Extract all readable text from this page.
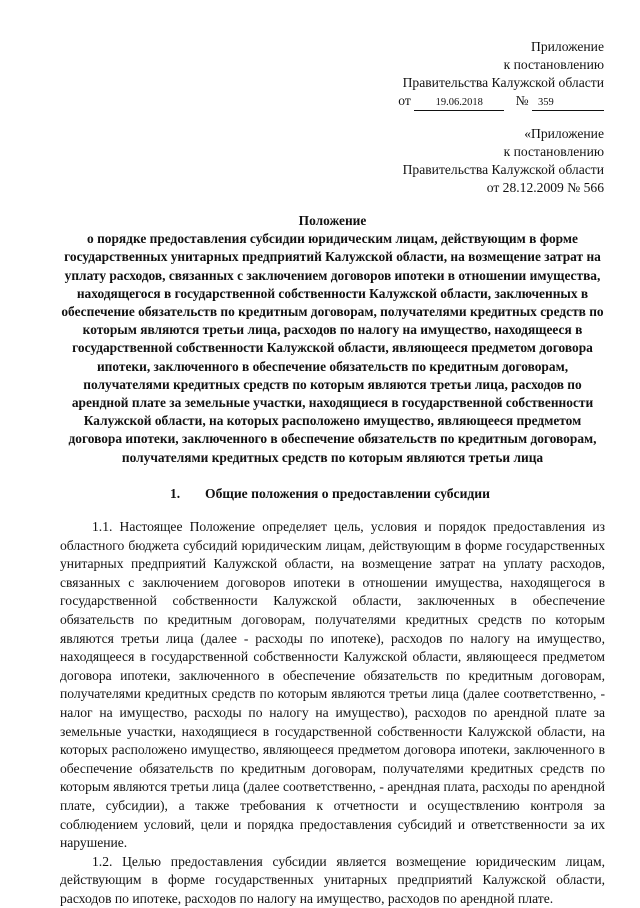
Приложение
к постановлению
Правительства Калужской области
от 19.06.2018 № 359
«Приложение
к постановлению
Правительства Калужской области
от 28.12.2009 № 566
Положение
о порядке предоставления субсидии юридическим лицам, действующим в форме государственных унитарных предприятий Калужской области, на возмещение затрат на уплату расходов, связанных с заключением договоров ипотеки в отношении имущества, находящегося в государственной собственности Калужской области, заключенных в обеспечение обязательств по кредитным договорам, получателями кредитных средств по которым являются третьи лица, расходов по налогу на имущество, находящееся в государственной собственности Калужской области, являющееся предметом договора ипотеки, заключенного в обеспечение обязательств по кредитным договорам, получателями кредитных средств по которым являются третьи лица, расходов по арендной плате за земельные участки, находящиеся в государственной собственности Калужской области, на которых расположено имущество, являющееся предметом договора ипотеки, заключенного в обеспечение обязательств по кредитным договорам, получателями кредитных средств по которым являются третьи лица
1. Общие положения о предоставлении субсидии

1.1. Настоящее Положение определяет цель, условия и порядок предоставления из областного бюджета субсидий юридическим лицам, действующим в форме государственных унитарных предприятий Калужской области, на возмещение затрат на уплату расходов, связанных с заключением договоров ипотеки в отношении имущества, находящегося в государственной собственности Калужской области, заключенных в обеспечение обязательств по кредитным договорам, получателями кредитных средств по которым являются третьи лица (далее - расходы по ипотеке), расходов по налогу на имущество, находящееся в государственной собственности Калужской области, являющееся предметом договора ипотеки, заключенного в обеспечение обязательств по кредитным договорам, получателями кредитных средств по которым являются третьи лица (далее соответственно, - налог на имущество, расходы по налогу на имущество), расходов по арендной плате за земельные участки, находящиеся в государственной собственности Калужской области, на которых расположено имущество, являющееся предметом договора ипотеки, заключенного в обеспечение обязательств по кредитным договорам, получателями кредитных средств по которым являются третьи лица (далее соответственно, - арендная плата, расходы по арендной плате, субсидии), а также требования к отчетности и осуществлению контроля за соблюдением условий, цели и порядка предоставления субсидий и ответственности за их нарушение.

1.2. Целью предоставления субсидии является возмещение юридическим лицам, действующим в форме государственных унитарных предприятий Калужской области, расходов по ипотеке, расходов по налогу на имущество, расходов по арендной плате.
